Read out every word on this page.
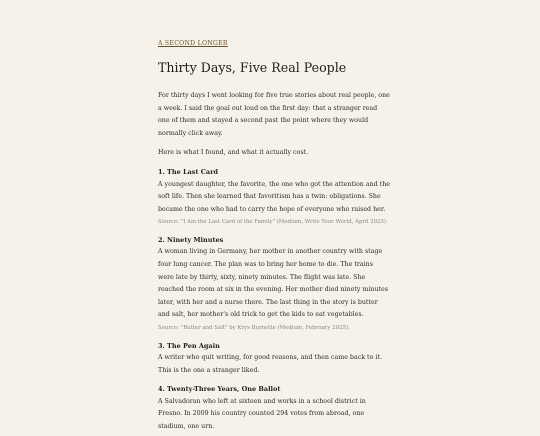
A SECOND LONGER
Thirty Days, Five Real People

For thirty days I went looking for five true stories about real people, one a week. I said the goal out loud on the first day: that a stranger read one of them and stayed a second past the point where they would normally click away.

Here is what I found, and what it actually cost.

1. The Last Card

A youngest daughter, the favorite, the one who got the attention and the soft life. Then she learned that favoritism has a twin: obligations. She became the one who had to carry the hope of everyone who raised her.

Source: "I Am the Last Card of the Family" (Medium, Write Your World, April 2025).

2. Ninety Minutes

A woman living in Germany, her mother in another country with stage four lung cancer. The plan was to bring her home to die. The trains were late by thirty, sixty, ninety minutes. The flight was late. She reached the room at six in the evening. Her mother died ninety minutes later, with her and a nurse there. The last thing in the story is butter and salt, her mother's old trick to get the kids to eat vegetables.

Source: "Butter and Salt" by Krys Burnette (Medium, February 2025).

3. The Pen Again

A writer who quit writing, for good reasons, and then came back to it. This is the one a stranger liked.

4. Twenty-Three Years, One Ballot

A Salvadoran who left at sixteen and works in a school district in Fresno. In 2009 his country counted 294 votes from abroad, one stadium, one urn.
